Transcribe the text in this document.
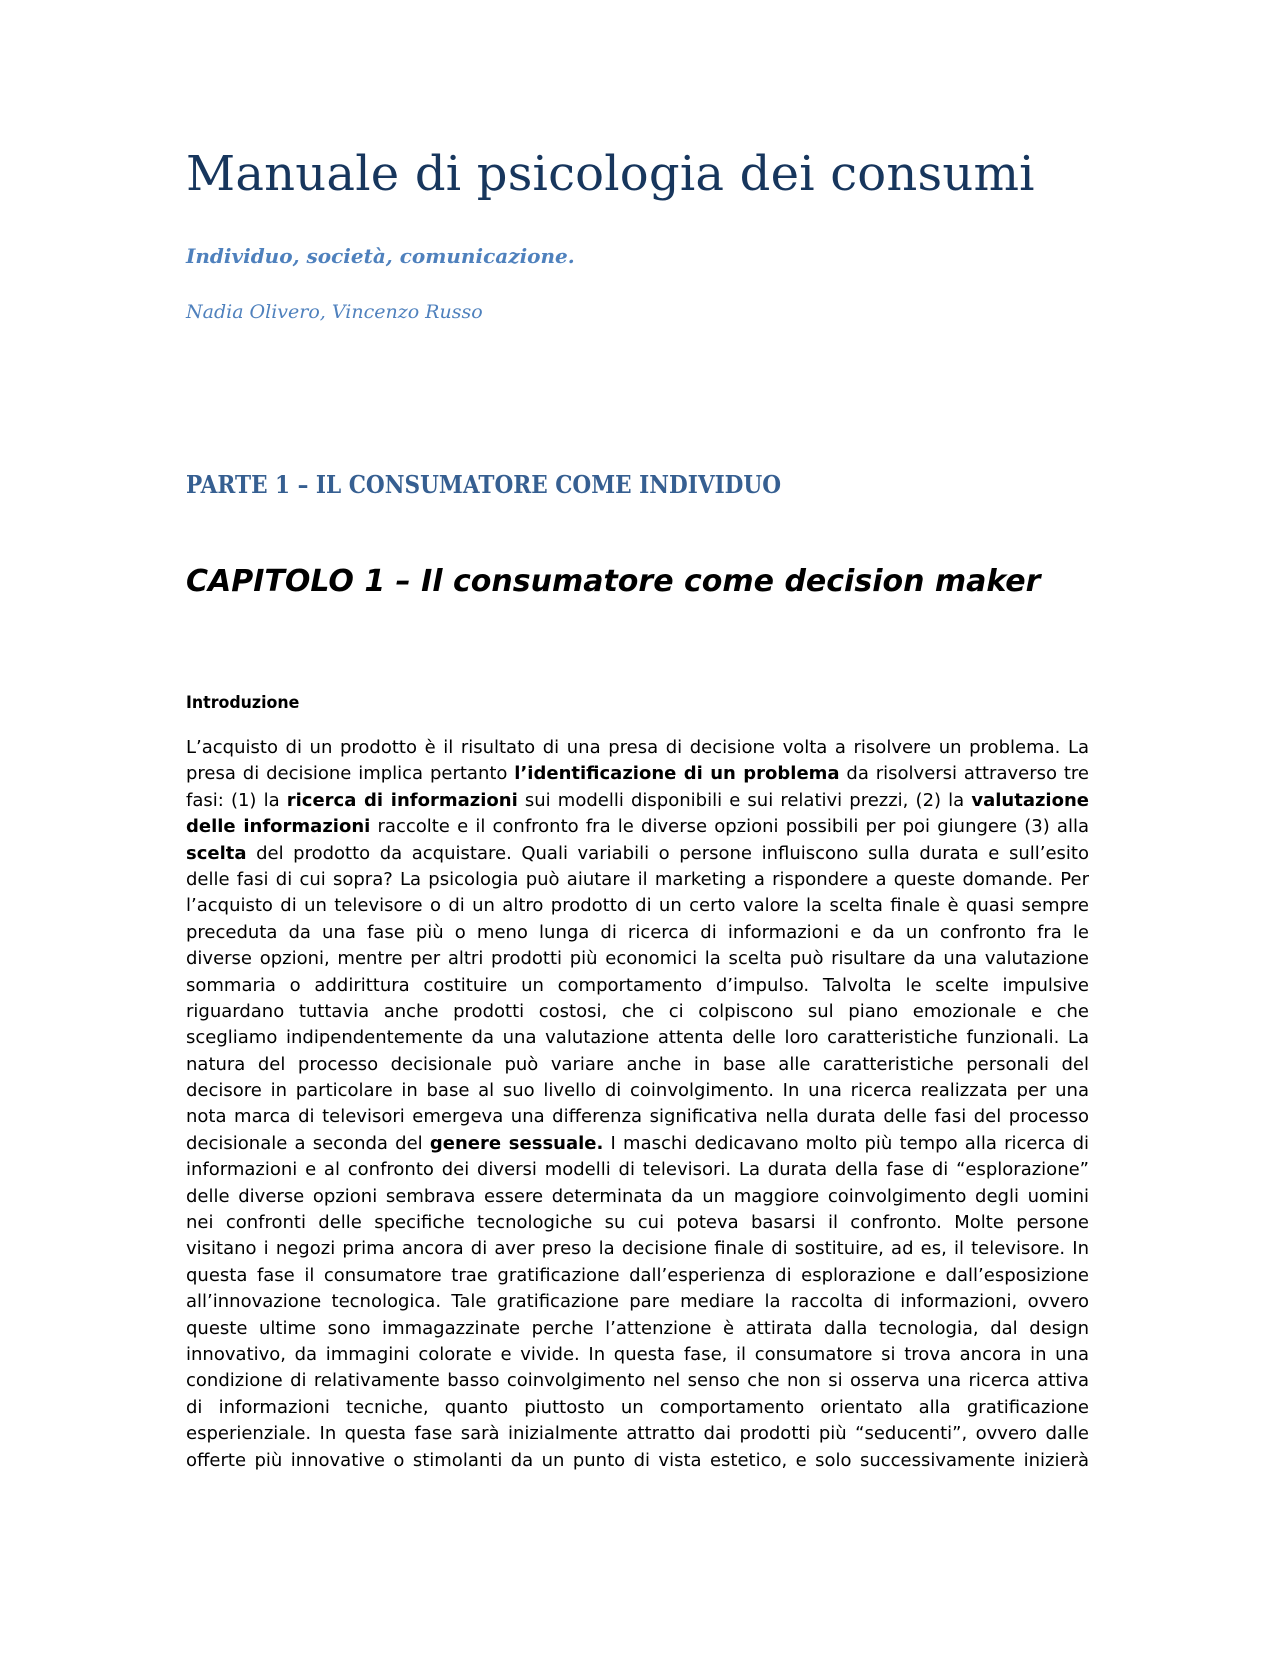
Manuale di psicologia dei consumi

Individuo, società, comunicazione.

Nadia Olivero, Vincenzo Russo

PARTE 1 – IL CONSUMATORE COME INDIVIDUO
CAPITOLO 1 – Il consumatore come decision maker
Introduzione
L’acquisto di un prodotto è il risultato di una presa di decisione volta a risolvere un problema. La
presa di decisione implica pertanto l’identificazione di un problema da risolversi attraverso tre
fasi: (1) la ricerca di informazioni sui modelli disponibili e sui relativi prezzi, (2) la valutazione
delle informazioni raccolte e il confronto fra le diverse opzioni possibili per poi giungere (3) alla
scelta del prodotto da acquistare. Quali variabili o persone influiscono sulla durata e sull’esito
delle fasi di cui sopra? La psicologia può aiutare il marketing a rispondere a queste domande. Per
l’acquisto di un televisore o di un altro prodotto di un certo valore la scelta finale è quasi sempre
preceduta da una fase più o meno lunga di ricerca di informazioni e da un confronto fra le
diverse opzioni, mentre per altri prodotti più economici la scelta può risultare da una valutazione
sommaria o addirittura costituire un comportamento d’impulso. Talvolta le scelte impulsive
riguardano tuttavia anche prodotti costosi, che ci colpiscono sul piano emozionale e che
scegliamo indipendentemente da una valutazione attenta delle loro caratteristiche funzionali. La
natura del processo decisionale può variare anche in base alle caratteristiche personali del
decisore in particolare in base al suo livello di coinvolgimento. In una ricerca realizzata per una
nota marca di televisori emergeva una differenza significativa nella durata delle fasi del processo
decisionale a seconda del genere sessuale. I maschi dedicavano molto più tempo alla ricerca di
informazioni e al confronto dei diversi modelli di televisori. La durata della fase di “esplorazione”
delle diverse opzioni sembrava essere determinata da un maggiore coinvolgimento degli uomini
nei confronti delle specifiche tecnologiche su cui poteva basarsi il confronto. Molte persone
visitano i negozi prima ancora di aver preso la decisione finale di sostituire, ad es, il televisore. In
questa fase il consumatore trae gratificazione dall’esperienza di esplorazione e dall’esposizione
all’innovazione tecnologica. Tale gratificazione pare mediare la raccolta di informazioni, ovvero
queste ultime sono immagazzinate perche l’attenzione è attirata dalla tecnologia, dal design
innovativo, da immagini colorate e vivide. In questa fase, il consumatore si trova ancora in una
condizione di relativamente basso coinvolgimento nel senso che non si osserva una ricerca attiva
di informazioni tecniche, quanto piuttosto un comportamento orientato alla gratificazione
esperienziale. In questa fase sarà inizialmente attratto dai prodotti più “seducenti”, ovvero dalle
offerte più innovative o stimolanti da un punto di vista estetico, e solo successivamente inizierà
